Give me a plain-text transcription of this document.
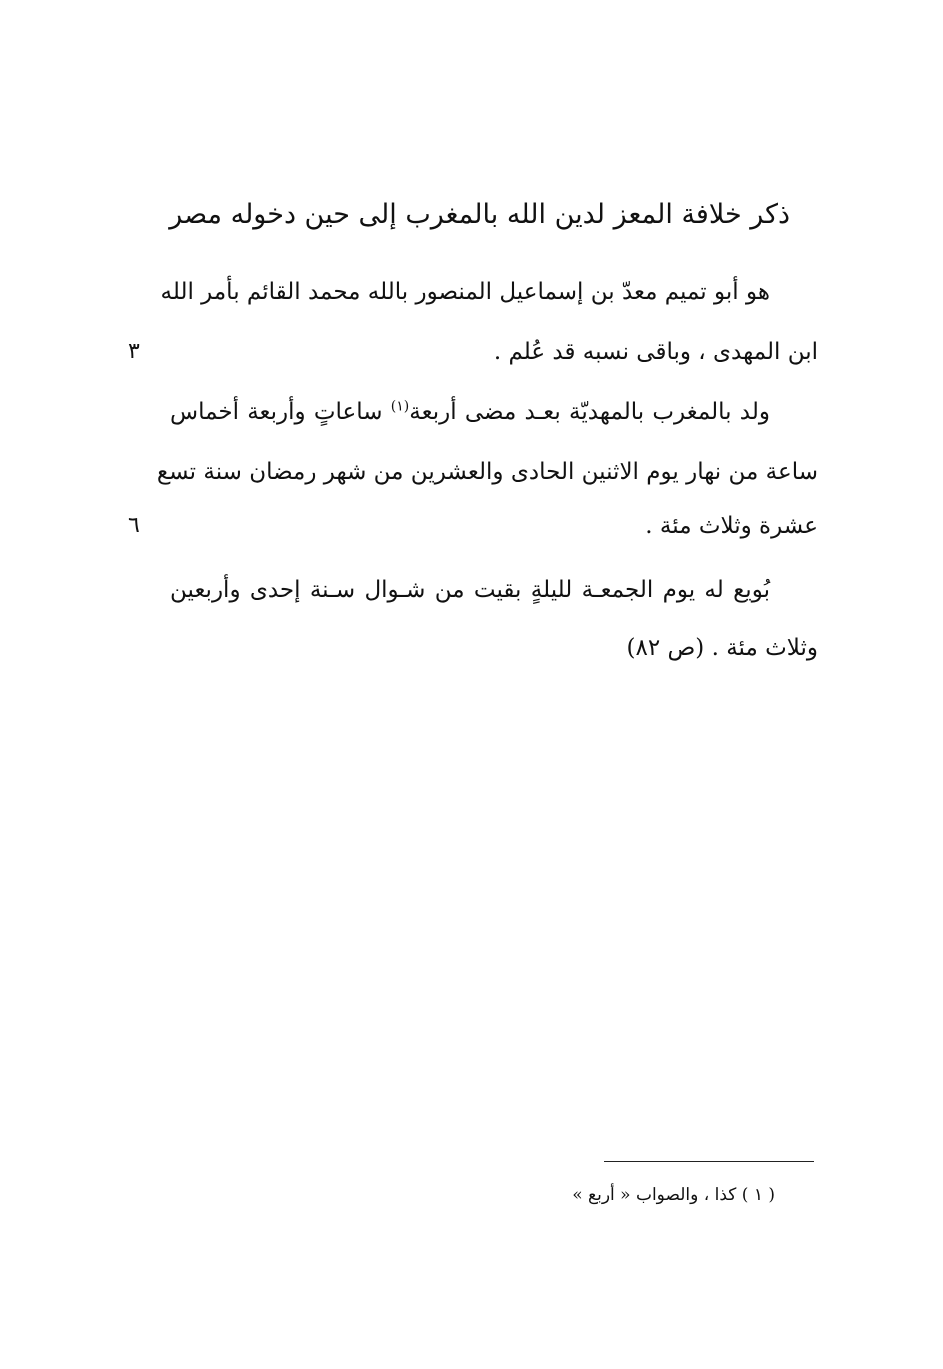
ذكر خلافة المعز لدين الله بالمغرب إلى حين دخوله مصر
هو أبو تميم معدّ بن إسماعيل المنصور بالله محمد القائم بأمر الله
ابن المهدى ، وباقى نسبه قد عُلم .
٣
ولد بالمغرب بالمهديّة بعـد مضى أربعة$^{(١)}$ ساعاتٍ وأربعة أخماس
ساعة من نهار يوم الاثنين الحادى والعشرين من شهر رمضان سنة تسع
عشرة وثلاث مئة .
٦
بُويع له يوم الجمعـة لليلةٍ بقيت من شـوال سـنة إحدى وأربعين
وثلاث مئة . (ص ٨٢)
( ١ ) كذا ، والصواب « أربع »
